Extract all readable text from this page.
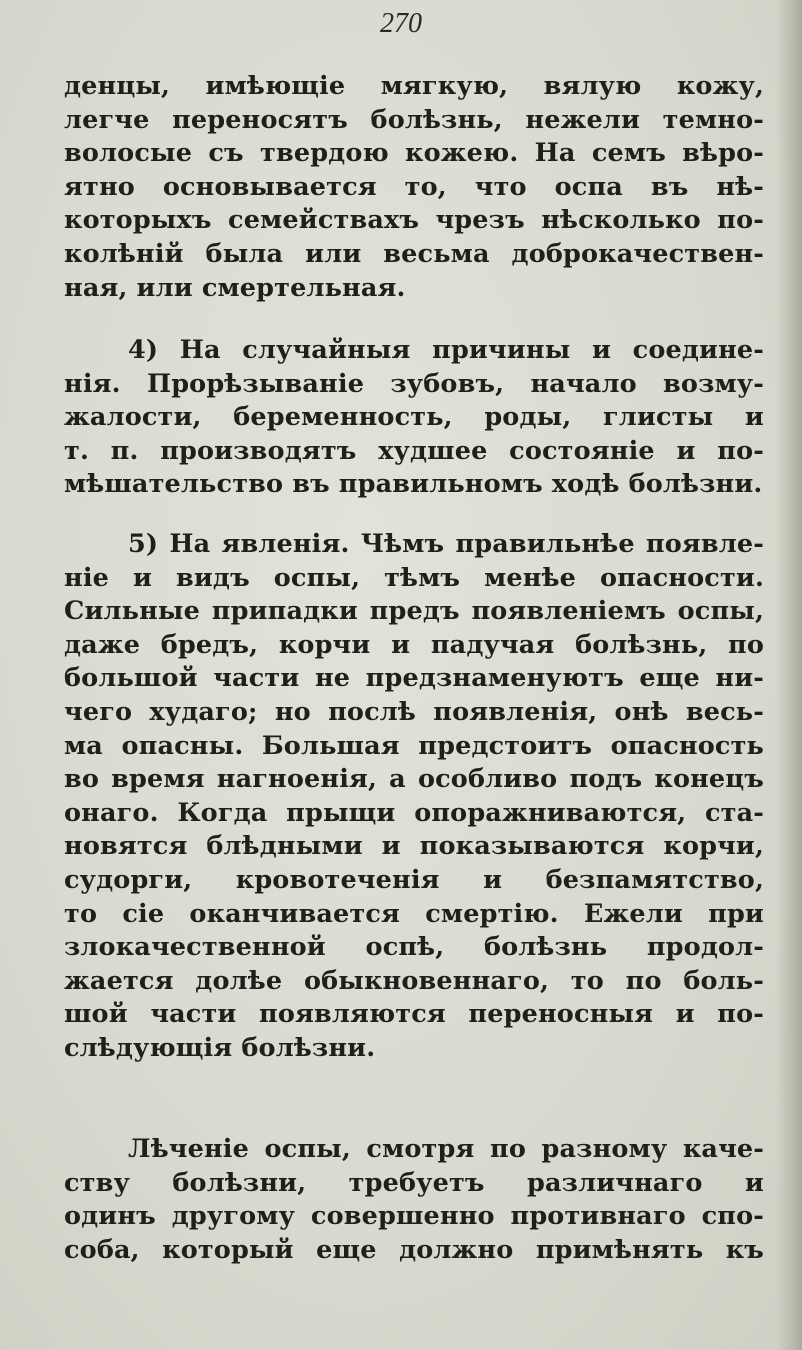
270
денцы, имѣющіе мягкую, вялую кожу,
легче переносятъ болѣзнь, нежели темно-
волосые съ твердою кожею. На семъ вѣро-
ятно основывается то, что оспа въ нѣ-
которыхъ семействахъ чрезъ нѣсколько по-
колѣній была или весьма доброкачествен-
ная, или смертельная.
4) На случайныя причины и соедине-
нія. Прорѣзываніе зубовъ, начало возму-
жалости, беременность, роды, глисты и
т. п. производятъ худшее состояніе и по-
мѣшательство въ правильномъ ходѣ болѣзни.
5) На явленія. Чѣмъ правильнѣе появле-
ніе и видъ оспы, тѣмъ менѣе опасности.
Сильные припадки предъ появленіемъ оспы,
даже бредъ, корчи и падучая болѣзнь, по
большой части не предзнаменуютъ еще ни-
чего худаго; но послѣ появленія, онѣ весь-
ма опасны. Большая предстоитъ опасность
во время нагноенія, а особливо подъ конецъ
онаго. Когда прыщи опоражниваются, ста-
новятся блѣдными и показываются корчи,
судорги, кровотеченія и безпамятство,
то сіе оканчивается смертію. Ежели при
злокачественной оспѣ, болѣзнь продол-
жается долѣе обыкновеннаго, то по боль-
шой части появляются переносныя и по-
слѣдующія болѣзни.
Лѣченіе оспы, смотря по разному каче-
ству болѣзни, требуетъ различнаго и
одинъ другому совершенно противнаго спо-
соба, который еще должно примѣнять къ
